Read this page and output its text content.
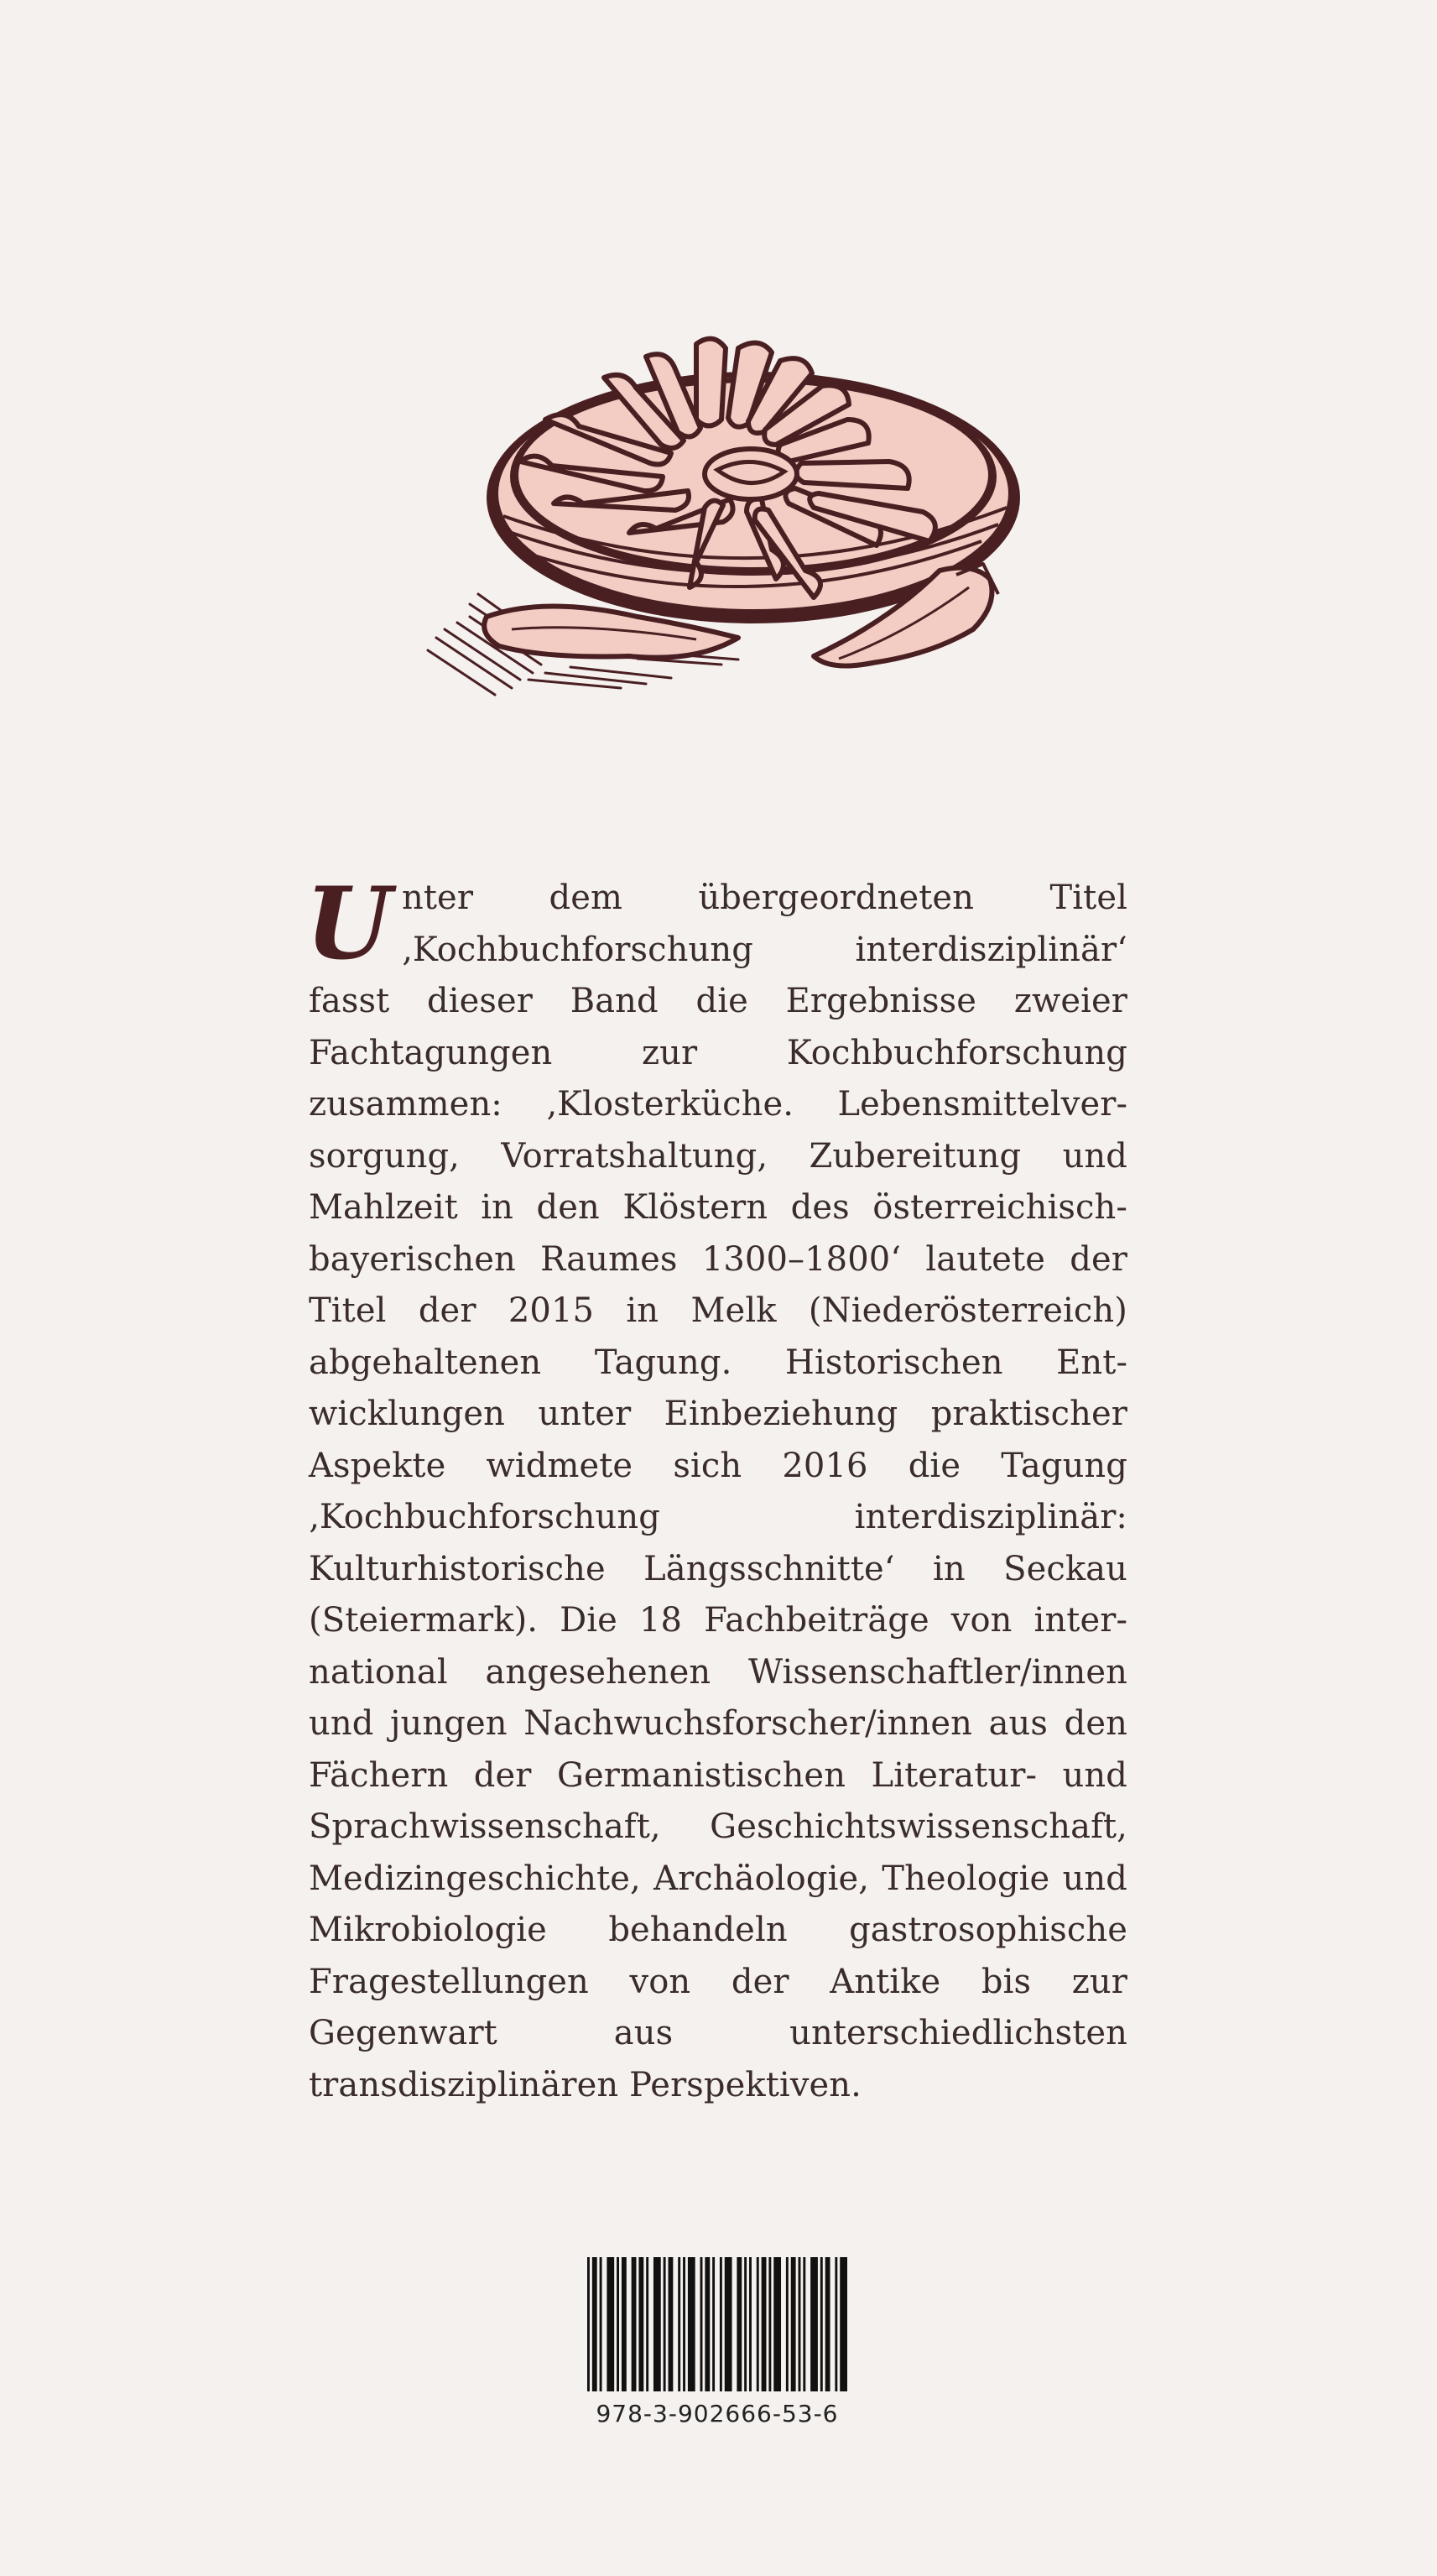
Unter dem übergeordneten Titel ‚Kochbuchforschung interdisziplinär‘ fasst dieser Band die Ergebnisse zweier Fachtagungen zur Kochbuchforschung zusammen: ‚Klosterküche. Lebensmittelversorgung, Vorratshaltung, Zubereitung und Mahlzeit in den Klöstern des österreichisch-bayerischen Raumes 1300–1800‘ lautete der Titel der 2015 in Melk (Niederösterreich) abgehaltenen Tagung. Historischen Entwicklungen unter Einbeziehung praktischer Aspekte widmete sich 2016 die Tagung ‚Kochbuchforschung interdisziplinär: Kulturhistorische Längsschnitte‘ in Seckau (Steiermark). Die 18 Fachbeiträge von international angesehenen Wissenschaftler/innen und jungen Nachwuchsforscher/innen aus den Fächern der Germanistischen Literatur- und Sprachwissenschaft, Geschichtswissenschaft, Medizingeschichte, Archäologie, Theologie und Mikrobiologie behandeln gastrosophische Fragestellungen von der Antike bis zur Gegenwart aus unterschiedlichsten transdisziplinären Perspektiven.
978-3-902666-53-6
